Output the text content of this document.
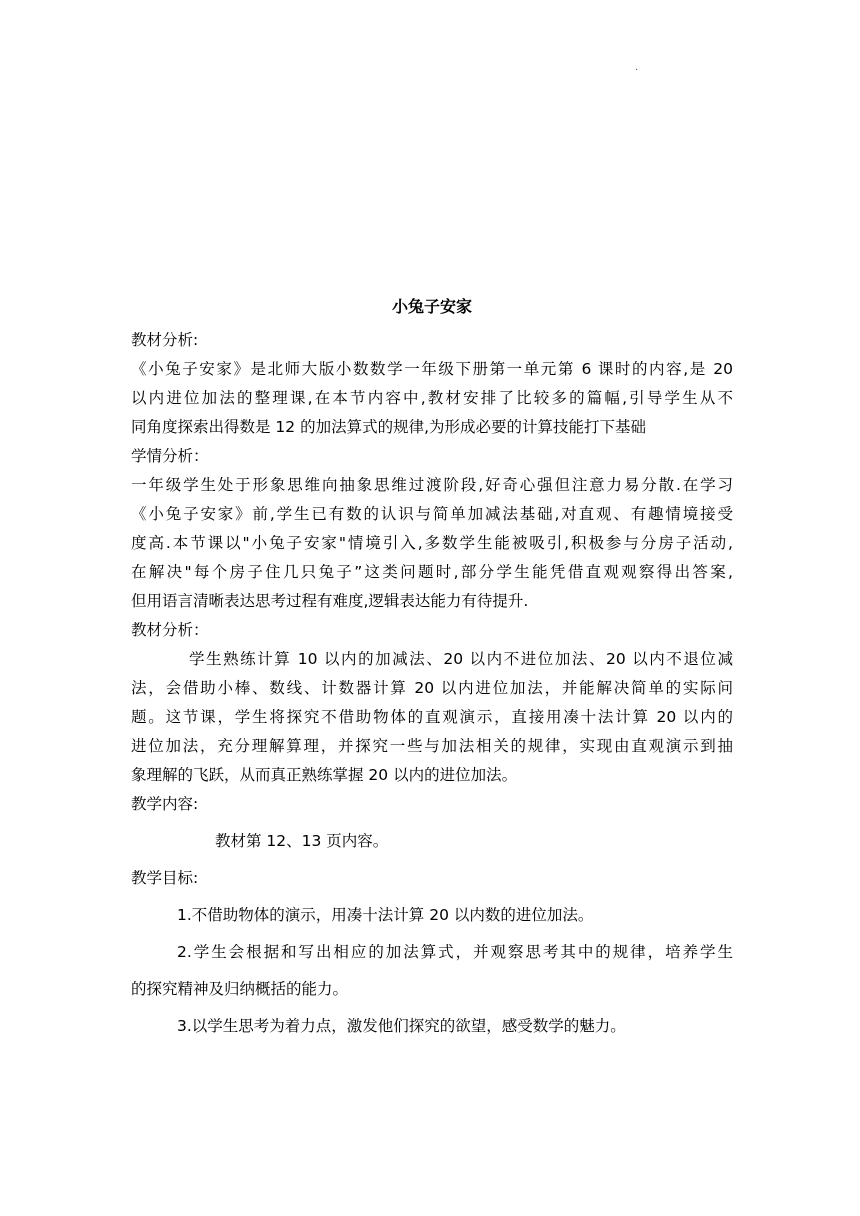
.
小兔子安家

教材分析:

《小兔子安家》是北师大版小数数学一年级下册第一单元第 6 课时的内容,是 20

以内进位加法的整理课,在本节内容中,教材安排了比较多的篇幅,引导学生从不

同角度探索出得数是 12 的加法算式的规律,为形成必要的计算技能打下基础

学情分析：

一年级学生处于形象思维向抽象思维过渡阶段,好奇心强但注意力易分散.在学习

《小兔子安家》前,学生已有数的认识与简单加减法基础,对直观、有趣情境接受

度高.本节课以"小兔子安家"情境引入,多数学生能被吸引,积极参与分房子活动,

在解决"每个房子住几只兔子”这类问题时,部分学生能凭借直观观察得出答案,

但用语言清晰表达思考过程有难度,逻辑表达能力有待提升.

教材分析：

学生熟练计算 10 以内的加减法、20 以内不进位加法、20 以内不退位减

法，会借助小棒、数线、计数器计算 20 以内进位加法，并能解决简单的实际问

题。这节课，学生将探究不借助物体的直观演示，直接用凑十法计算 20 以内的

进位加法，充分理解算理，并探究一些与加法相关的规律，实现由直观演示到抽

象理解的飞跃，从而真正熟练掌握 20 以内的进位加法。

教学内容:

教材第 12、13 页内容。

教学目标:

1.不借助物体的演示，用凑十法计算 20 以内数的进位加法。

2.学生会根据和写出相应的加法算式，并观察思考其中的规律，培养学生

的探究精神及归纳概括的能力。

3.以学生思考为着力点，激发他们探究的欲望，感受数学的魅力。
